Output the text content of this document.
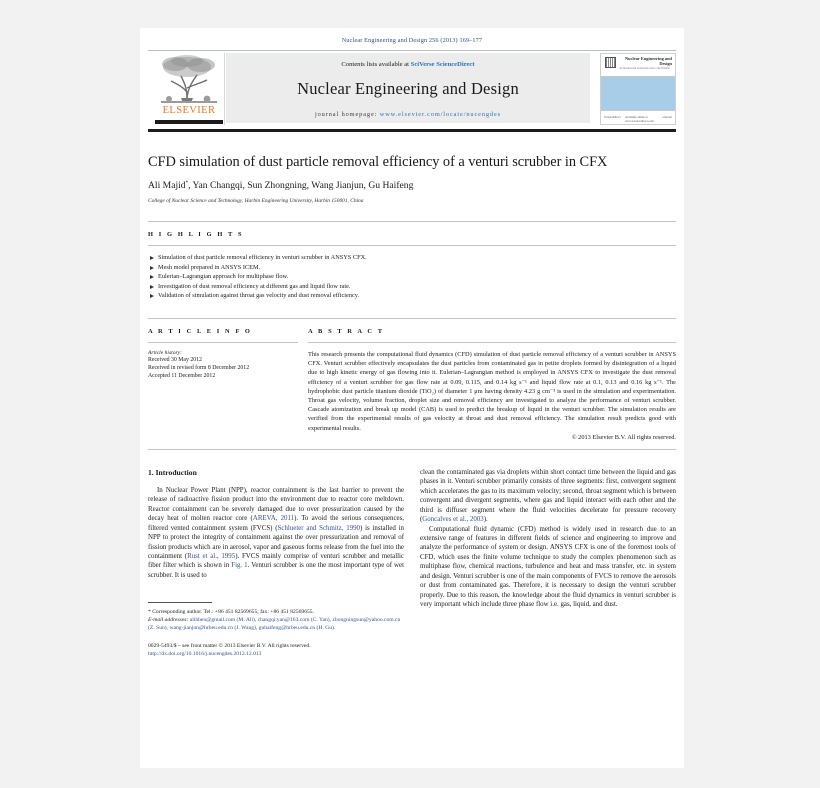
Nuclear Engineering and Design 256 (2013) 169–177
ELSEVIER
Contents lists available at SciVerse ScienceDirect
Nuclear Engineering and Design
journal homepage: www.elsevier.com/locate/nucengdes
Nuclear Engineering and Design
An International Journal Devoted to the Thermal
ScienceDirect Available online at www.sciencedirect.com
elsevier
CFD simulation of dust particle removal efficiency of a venturi scrubber in CFX
Ali Majid*, Yan Changqi, Sun Zhongning, Wang Jianjun, Gu Haifeng
College of Nuclear Science and Technology, Harbin Engineering University, Harbin 150001, China
H I G H L I G H T S
Simulation of dust particle removal efficiency in venturi scrubber in ANSYS CFX.
Mesh model prepared in ANSYS ICEM.
Eulerian–Lagrangian approach for multiphase flow.
Investigation of dust removal efficiency at different gas and liquid flow rate.
Validation of simulation against throat gas velocity and dust removal efficiency.
A R T I C L E I N F O
Article history:
Received 30 May 2012
Received in revised form 8 December 2012
Accepted 11 December 2012
A B S T R A C T
This research presents the computational fluid dynamics (CFD) simulation of dust particle removal efficiency of a venturi scrubber in ANSYS CFX. Venturi scrubber effectively encapsulates the dust particles from contaminated gas in petite droplets formed by disintegration of a liquid due to high kinetic energy of gas flowing into it. Eulerian–Lagrangian method is employed in ANSYS CFX to investigate the dust removal efficiency of a venturi scrubber for gas flow rate at 0.09, 0.115, and 0.14 kg s⁻¹ and liquid flow rate at 0.1, 0.13 and 0.16 kg s⁻¹. The hydrophobic dust particle titanium dioxide (TiO₂) of diameter 1 μm having density 4.23 g cm⁻³ is used in the simulation and experimentation. Throat gas velocity, volume fraction, droplet size and removal efficiency are investigated to analyze the performance of venturi scrubber. Cascade atomization and break up model (CAB) is used to predict the breakup of liquid in the venturi scrubber. The simulation results are verified from the experimental results of gas velocity at throat and dust removal efficiency. The simulation result predicts good with experimental results.
© 2013 Elsevier B.V. All rights reserved.
1. Introduction

In Nuclear Power Plant (NPP), reactor containment is the last barrier to prevent the release of radioactive fission product into the environment due to reactor core meltdown. Reactor containment can be severely damaged due to over pressurization caused by the decay heat of molten reactor core (AREVA, 2011). To avoid the serious consequences, filtered vented containment system (FVCS) (Schlueter and Schmitz, 1990) is installed in NPP to protect the integrity of containment against the over pressurization and removal of fission products which are in aerosol, vapor and gaseous forms release from the fuel into the containment (Rust et al., 1995). FVCS mainly comprise of venturi scrubber and metallic fiber filter which is shown in Fig. 1. Venturi scrubber is one the most important type of wet scrubber. It is used to

* Corresponding author. Tel.: +86 451 82569655; fax: +86 451 82569655.
E-mail addresses: alihbeu@gmail.com (M. Ali), changqi.yan@163.com (C. Yan), zhongningsun@yahoo.com.cn (Z. Sun), wang-jianjun@hrbeu.edu.cn (J. Wang), guhaifeng@hrbeu.edu.cn (H. Gu).
0029-5493/$ – see front matter © 2013 Elsevier B.V. All rights reserved.
http://dx.doi.org/10.1016/j.nucengdes.2012.12.013

clean the contaminated gas via droplets within short contact time between the liquid and gas phases in it. Venturi scrubber primarily consists of three segments: first, convergent segment which accelerates the gas to its maximum velocity; second, throat segment which is between convergent and divergent segments, where gas and liquid interact with each other and the third is diffuser segment where the fluid velocities decelerate for pressure recovery (Goncalves et al., 2003).

Computational fluid dynamic (CFD) method is widely used in research due to an extensive range of features in different fields of science and engineering to improve and analyze the performance of system or design. ANSYS CFX is one of the foremost tools of CFD, which uses the finite volume technique to study the complex phenomenon such as multiphase flow, chemical reactions, turbulence and heat and mass transfer, etc. in system and design. Venturi scrubber is one of the main components of FVCS to remove the aerosols or dust from contaminated gas. Therefore, it is necessary to design the venturi scrubber properly. Due to this reason, the knowledge about the fluid dynamics in venturi scrubber is very important which include three phase flow i.e. gas, liquid, and dust.
